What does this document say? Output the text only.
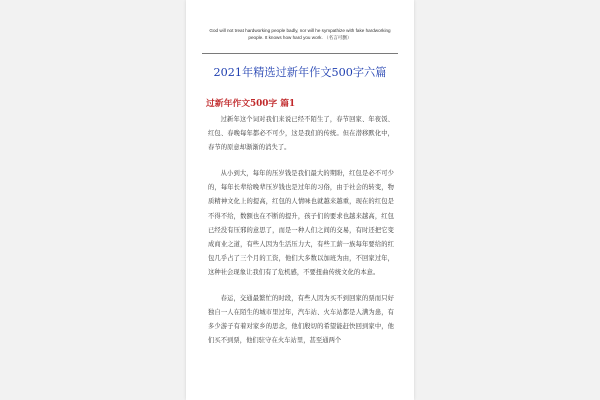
God will not treat hardworking people badly, nor will he sympathize with fake hardworking people. It knows how hard you work. （名言可删）
2021年精选过新年作文500字六篇
过新年作文500字 篇1

过新年这个词对我们来说已经不陌生了，春节回家、年夜饭、红包、春晚每年都必不可少，这是我们的传统。但在潜移默化中，春节的原意却渐渐的消失了。

从小到大，每年的压岁钱是我们最大的期盼，红包是必不可少的，每年长辈给晚辈压岁钱也是过年的习俗，由于社会的转变，物质精神文化上的提高，红包的人情味也就越来越重，现在的红包是不得不给，数额也在不断的提升，孩子们的要求也越来越高，红包已经没有压邪的意思了，而是一种人们之间的交易，有时还把它变成商业之道，有些人因为生活压力大，有些工薪一族每年要给的红包几乎占了三个月的工资，他们大多数以加班为由，不回家过年，这种社会现象让我们有了危机感，不要扭曲传统文化的本意。

春运，交通最繁忙的时段，有些人因为买不到回家的票而只好独自一人在陌生的城市里过年，汽车站、火车站都是人满为患，有多少游子有着对家乡的思念，他们殷切的希望能赶快回到家中，他们买不到票，他们驻守在火车站里，甚至通两个
